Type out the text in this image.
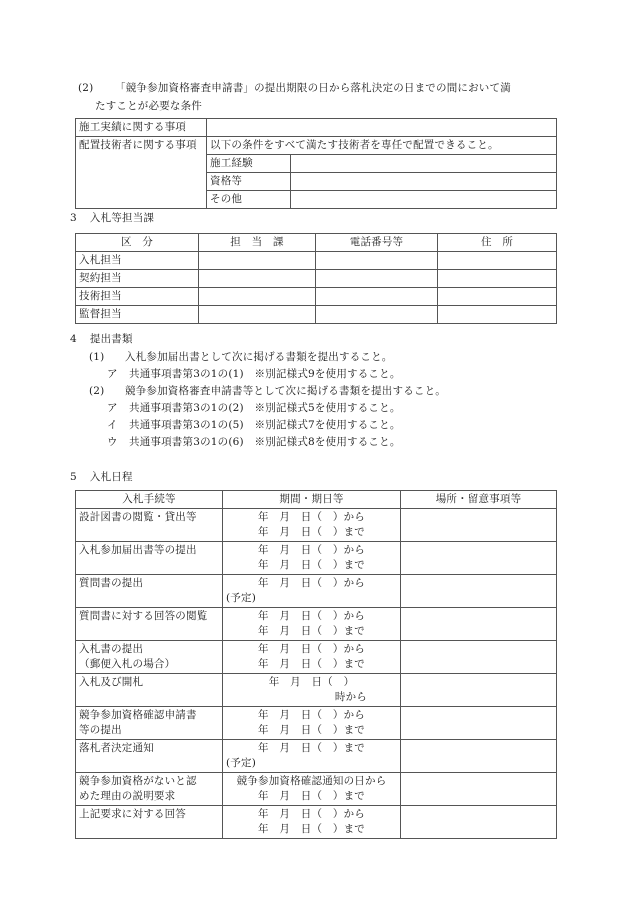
(2) 「競争参加資格審査申請書」の提出期限の日から落札決定の日までの間において満
たすことが必要な条件
施工実績に関する事項		
配置技術者に関する事項	以下の条件をすべて満たす技術者を専任で配置できること。	
	施工経験	
	資格等	
	その他	
3 入札等担当課
区　分	担　当　課	電話番号等	住　所
入札担当			
契約担当			
技術担当			
監督担当			
4 提出書類
(1) 入札参加届出書として次に掲げる書類を提出すること。
ア 共通事項書第3の1の(1)　※別記様式9を使用すること。
(2) 競争参加資格審査申請書等として次に掲げる書類を提出すること。
ア 共通事項書第3の1の(2)　※別記様式5を使用すること。
イ 共通事項書第3の1の(5)　※別記様式7を使用すること。
ウ 共通事項書第3の1の(6)　※別記様式8を使用すること。
5 入札日程
入札手続等	期間・期日等	場所・留意事項等

設計図書の閲覧・貸出等	年　月　日（　）から
年　月　日（　）まで	

入札参加届出書等の提出	年　月　日（　）から
年　月　日（　）まで	

質問書の提出	年　月　日（　）から
(予定)	

質問書に対する回答の閲覧	年　月　日（　）から
年　月　日（　）まで	

入札書の提出
（郵便入札の場合）	年　月　日（　）から
年　月　日（　）まで	

入札及び開札	年　月　日（　）
時から	

競争参加資格確認申請書
等の提出	年　月　日（　）から
年　月　日（　）まで	

落札者決定通知	年　月　日（　）まで
(予定)	

競争参加資格がないと認
めた理由の説明要求	競争参加資格確認通知の日から
年　月　日（　）まで	

上記要求に対する回答	年　月　日（　）から
年　月　日（　）まで	
